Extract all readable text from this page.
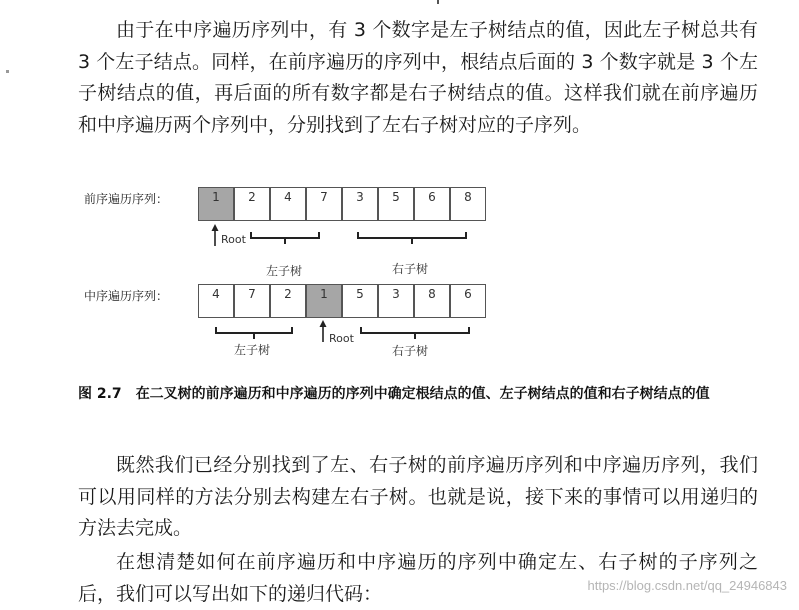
由于在中序遍历序列中，有 3 个数字是左子树结点的值，因此左子树总共有 3 个左子结点。同样，在前序遍历的序列中，根结点后面的 3 个数字就是 3 个左子树结点的值，再后面的所有数字都是右子树结点的值。这样我们就在前序遍历和中序遍历两个序列中，分别找到了左右子树对应的子序列。

前序遍历序列：	1	2	4	7	3	5	6	8
Root
左子树	右子树
中序遍历序列：	4	7	2	1	5	3	8	6
Root
左子树	右子树

图 2.7 在二叉树的前序遍历和中序遍历的序列中确定根结点的值、左子树结点的值和右子树结点的值

既然我们已经分别找到了左、右子树的前序遍历序列和中序遍历序列，我们可以用同样的方法分别去构建左右子树。也就是说，接下来的事情可以用递归的方法去完成。

在想清楚如何在前序遍历和中序遍历的序列中确定左、右子树的子序列之后，我们可以写出如下的递归代码：	https://blog.csdn.net/qq_24946843
